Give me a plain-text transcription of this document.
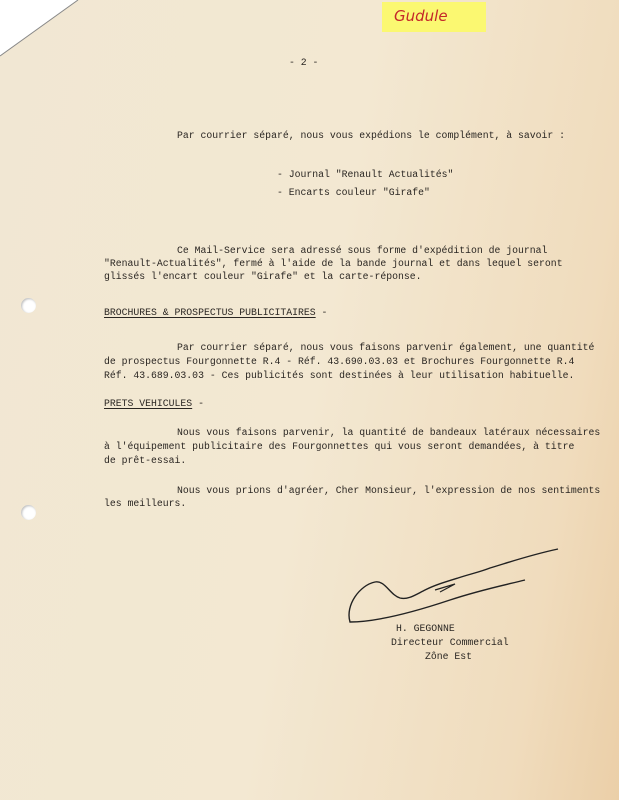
Gudule
- 2 -
Par courrier séparé, nous vous expédions le complément, à savoir :
- Journal "Renault Actualités"
- Encarts couleur "Girafe"
Ce Mail-Service sera adressé sous forme d'expédition de journal
"Renault-Actualités", fermé à l'aide de la bande journal et dans lequel seront
glissés l'encart couleur "Girafe" et la carte-réponse.
BROCHURES & PROSPECTUS PUBLICITAIRES -
Par courrier séparé, nous vous faisons parvenir également, une quantité
de prospectus Fourgonnette R.4 - Réf. 43.690.03.03 et Brochures Fourgonnette R.4
Réf. 43.689.03.03 - Ces publicités sont destinées à leur utilisation habituelle.
PRETS VEHICULES -
Nous vous faisons parvenir, la quantité de bandeaux latéraux nécessaires
à l'équipement publicitaire des Fourgonnettes qui vous seront demandées, à titre
de prêt-essai.
Nous vous prions d'agréer, Cher Monsieur, l'expression de nos sentiments
les meilleurs.
H. GEGONNE
Directeur Commercial
Zône Est
